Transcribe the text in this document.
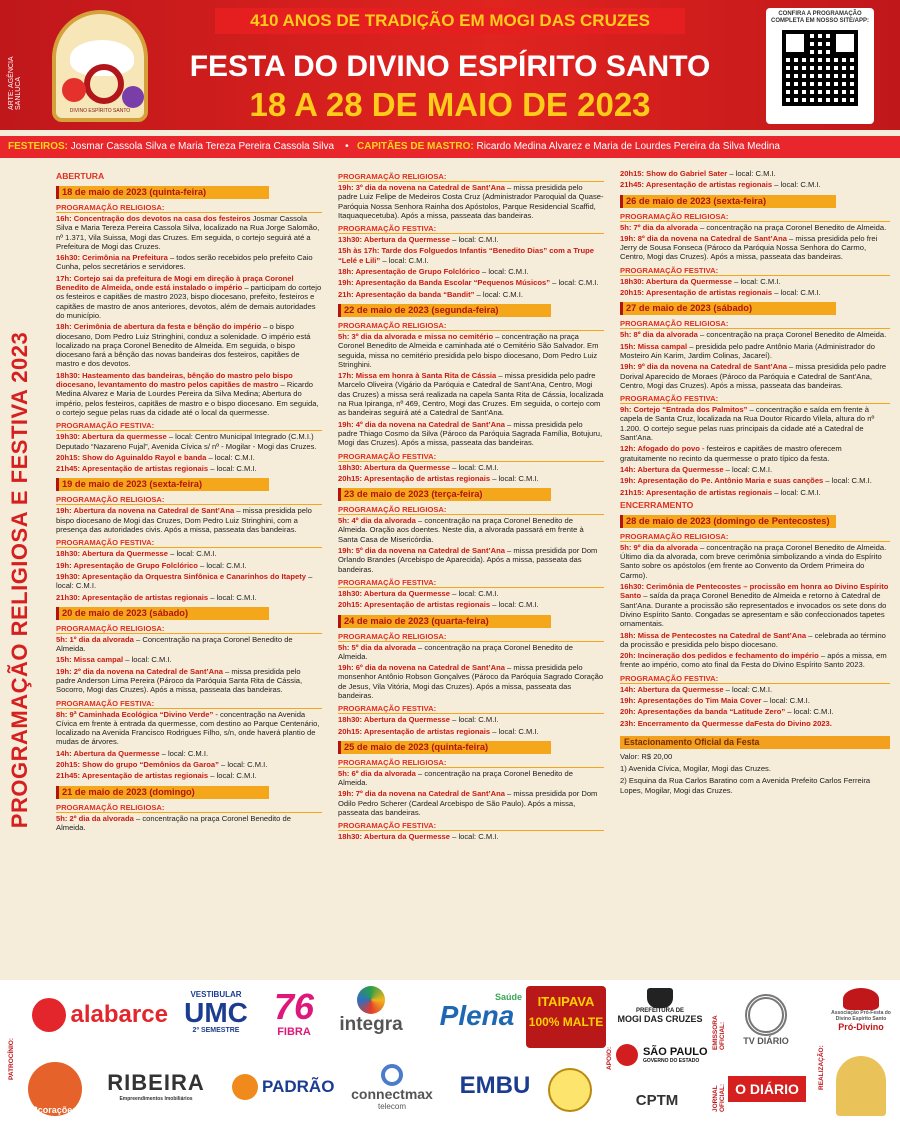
ARTE: AGÊNCIA SANLUCA
DIVINO ESPÍRITO SANTO
410 ANOS DE TRADIÇÃO EM MOGI DAS CRUZES
FESTA DO DIVINO ESPÍRITO SANTO
18 A 28 DE MAIO DE 2023
CONFIRA A PROGRAMAÇÃO COMPLETA EM NOSSO SITE/APP:
FESTEIROS: Josmar Cassola Silva e Maria Tereza Pereira Cassola Silva    •   CAPITÃES DE MASTRO: Ricardo Medina Alvarez e Maria de Lourdes Pereira da Silva Medina
PROGRAMAÇÃO RELIGIOSA E FESTIVA 2023
ABERTURA
18 de maio de 2023 (quinta-feira)
PROGRAMAÇÃO RELIGIOSA:
16h: Concentração dos devotos na casa dos festeiros Josmar Cassola Silva e Maria Tereza Pereira Cassola Silva, localizado na Rua Jorge Salomão, nº 1.371, Vila Suissa, Mogi das Cruzes. Em seguida, o cortejo seguirá até a Prefeitura de Mogi das Cruzes.
16h30: Cerimônia na Prefeitura – todos serão recebidos pelo prefeito Caio Cunha, pelos secretários e servidores.
17h: Cortejo sai da prefeitura de Mogi em direção à praça Coronel Benedito de Almeida, onde está instalado o império – participam do cortejo os festeiros e capitães de mastro 2023, bispo diocesano, prefeito, festeiros e capitães de mastro de anos anteriores, devotos, além de demais autoridades do município.
18h: Cerimônia de abertura da festa e bênção do império – o bispo diocesano, Dom Pedro Luiz Stringhini, conduz a solenidade. O império está localizado na praça Coronel Benedito de Almeida. Em seguida, o bispo diocesano fará a bênção das novas bandeiras dos festeiros, capitães de mastro e dos devotos.
18h30: Hasteamento das bandeiras, bênção do mastro pelo bispo diocesano, levantamento do mastro pelos capitães de mastro – Ricardo Medina Alvarez e Maria de Lourdes Pereira da Silva Medina; Abertura do império, pelos festeiros, capitães de mastro e o bispo diocesano. Em seguida, o cortejo segue pelas ruas da cidade até o local da quermesse.
PROGRAMAÇÃO FESTIVA:
19h30: Abertura da quermesse – local: Centro Municipal Integrado (C.M.I.) Deputado “Nazareno Fujal”, Avenida Cívica s/ nº - Mogilar - Mogi das Cruzes.
20h15: Show do Aguinaldo Rayol e banda – local: C.M.I.
21h45: Apresentação de artistas regionais – local: C.M.I.
19 de maio de 2023 (sexta-feira)
PROGRAMAÇÃO RELIGIOSA:
19h: Abertura da novena na Catedral de Sant’Ana – missa presidida pelo bispo diocesano de Mogi das Cruzes, Dom Pedro Luiz Stringhini, com a presença das autoridades civis. Após a missa, passeata das bandeiras.
PROGRAMAÇÃO FESTIVA:
18h30: Abertura da Quermesse – local: C.M.I.
19h: Apresentação de Grupo Folclórico – local: C.M.I.
19h30: Apresentação da Orquestra Sinfônica e Canarinhos do Itapety – local: C.M.I.
21h30: Apresentação de artistas regionais – local: C.M.I.
20 de maio de 2023 (sábado)
PROGRAMAÇÃO RELIGIOSA:
5h: 1º dia da alvorada – Concentração na praça Coronel Benedito de Almeida.
15h: Missa campal – local: C.M.I.
19h: 2º dia da novena na Catedral de Sant’Ana – missa presidida pelo padre Anderson Lima Pereira (Pároco da Paróquia Santa Rita de Cássia, Socorro, Mogi das Cruzes). Após a missa, passeata das bandeiras.
PROGRAMAÇÃO FESTIVA:
8h: 9ª Caminhada Ecológica “Divino Verde” - concentração na Avenida Cívica em frente à entrada da quermesse, com destino ao Parque Centenário, localizado na Avenida Francisco Rodrigues Filho, s/n, onde haverá plantio de mudas de árvores.
14h: Abertura da Quermesse – local: C.M.I.
20h15: Show do grupo “Demônios da Garoa” – local: C.M.I.
21h45: Apresentação de artistas regionais – local: C.M.I.
21 de maio de 2023 (domingo)
PROGRAMAÇÃO RELIGIOSA:
5h: 2º dia da alvorada – concentração na praça Coronel Benedito de Almeida.
PROGRAMAÇÃO RELIGIOSA:
19h: 3º dia da novena na Catedral de Sant’Ana – missa presidida pelo padre Luiz Felipe de Medeiros Costa Cruz (Administrador Paroquial da Quase-Paróquia Nossa Senhora Rainha dos Apóstolos, Parque Residencial Scaffid, Itaquaquecetuba). Após a missa, passeata das bandeiras.
PROGRAMAÇÃO FESTIVA:
13h30: Abertura da Quermesse – local: C.M.I.
15h às 17h: Tarde dos Folguedos Infantis “Benedito Dias” com a Trupe “Lelé e Lili” – local: C.M.I.
18h: Apresentação de Grupo Folclórico – local: C.M.I.
19h: Apresentação da Banda Escolar “Pequenos Músicos” – local: C.M.I.
21h: Apresentação da banda “Bandit” – local: C.M.I.
22 de maio de 2023 (segunda-feira)
PROGRAMAÇÃO RELIGIOSA:
5h: 3º dia da alvorada e missa no cemitério – concentração na praça Coronel Benedito de Almeida e caminhada até o Cemitério São Salvador. Em seguida, missa no cemitério presidida pelo bispo diocesano, Dom Pedro Luiz Stringhini.
17h: Missa em honra à Santa Rita de Cássia – missa presidida pelo padre Marcelo Oliveira (Vigário da Paróquia e Catedral de Sant’Ana, Centro, Mogi das Cruzes) a missa será realizada na capela Santa Rita de Cássia, localizada na Rua Ipiranga, nº 469, Centro, Mogi das Cruzes. Em seguida, o cortejo com as bandeiras seguirá até a Catedral de Sant’Ana.
19h: 4º dia da novena na Catedral de Sant’Ana – missa presidida pelo padre Thiago Cosmo da Silva (Pároco da Paróquia Sagrada Família, Botujuru, Mogi das Cruzes). Após a missa, passeata das bandeiras.
PROGRAMAÇÃO FESTIVA:
18h30: Abertura da Quermesse – local: C.M.I.
20h15: Apresentação de artistas regionais – local: C.M.I.
23 de maio de 2023 (terça-feira)
PROGRAMAÇÃO RELIGIOSA:
5h: 4º dia da alvorada – concentração na praça Coronel Benedito de Almeida. Oração aos doentes. Neste dia, a alvorada passará em frente à Santa Casa de Misericórdia.
19h: 5º dia da novena na Catedral de Sant’Ana – missa presidida por Dom Orlando Brandes (Arcebispo de Aparecida). Após a missa, passeata das bandeiras.
PROGRAMAÇÃO FESTIVA:
18h30: Abertura da Quermesse – local: C.M.I.
20h15: Apresentação de artistas regionais – local: C.M.I.
24 de maio de 2023 (quarta-feira)
PROGRAMAÇÃO RELIGIOSA:
5h: 5º dia da alvorada – concentração na praça Coronel Benedito de Almeida.
19h: 6º dia da novena na Catedral de Sant’Ana – missa presidida pelo monsenhor Antônio Robson Gonçalves (Pároco da Paróquia Sagrado Coração de Jesus, Vila Vitória, Mogi das Cruzes). Após a missa, passeata das bandeiras.
PROGRAMAÇÃO FESTIVA:
18h30: Abertura da Quermesse – local: C.M.I.
20h15: Apresentação de artistas regionais – local: C.M.I.
25 de maio de 2023 (quinta-feira)
PROGRAMAÇÃO RELIGIOSA:
5h: 6º dia da alvorada – concentração na praça Coronel Benedito de Almeida.
19h: 7º dia da novena na Catedral de Sant’Ana – missa presidida por Dom Odilo Pedro Scherer (Cardeal Arcebispo de São Paulo). Após a missa, passeata das bandeiras.
PROGRAMAÇÃO FESTIVA:
18h30: Abertura da Quermesse – local: C.M.I.
20h15: Show do Gabriel Sater – local: C.M.I.
21h45: Apresentação de artistas regionais – local: C.M.I.
26 de maio de 2023 (sexta-feira)
PROGRAMAÇÃO RELIGIOSA:
5h: 7º dia da alvorada – concentração na praça Coronel Benedito de Almeida.
19h: 8º dia da novena na Catedral de Sant’Ana – missa presidida pelo frei Jerry de Sousa Fonseca (Pároco da Paróquia Nossa Senhora do Carmo, Centro, Mogi das Cruzes). Após a missa, passeata das bandeiras.
PROGRAMAÇÃO FESTIVA:
18h30: Abertura da Quermesse – local: C.M.I.
20h15: Apresentação de artistas regionais – local: C.M.I.
27 de maio de 2023 (sábado)
PROGRAMAÇÃO RELIGIOSA:
5h: 8º dia da alvorada – concentração na praça Coronel Benedito de Almeida.
15h: Missa campal – presidida pelo padre Antônio Maria (Administrador do Mosteiro Ain Karim, Jardim Colinas, Jacareí).
19h: 9º dia da novena na Catedral de Sant’Ana – missa presidida pelo padre Dorival Aparecido de Moraes (Pároco da Paróquia e Catedral de Sant’Ana, Centro, Mogi das Cruzes). Após a missa, passeata das bandeiras.
PROGRAMAÇÃO FESTIVA:
9h: Cortejo “Entrada dos Palmitos” – concentração e saída em frente à capela de Santa Cruz, localizada na Rua Doutor Ricardo Vilela, altura do nº 1.200. O cortejo segue pelas ruas principais da cidade até a Catedral de Sant’Ana.
12h: Afogado do povo - festeiros e capitães de mastro oferecem gratuitamente no recinto da quermesse o prato típico da festa.
14h: Abertura da Quermesse – local: C.M.I.
19h: Apresentação do Pe. Antônio Maria e suas canções – local: C.M.I.
21h15: Apresentação de artistas regionais – local: C.M.I.
ENCERRAMENTO
28 de maio de 2023 (domingo de Pentecostes)
PROGRAMAÇÃO RELIGIOSA:
5h: 9º dia da alvorada – concentração na praça Coronel Benedito de Almeida. Último dia da alvorada, com breve cerimônia simbolizando a vinda do Espírito Santo sobre os apóstolos (em frente ao Convento da Ordem Primeira do Carmo).
16h30: Cerimônia de Pentecostes – procissão em honra ao Divino Espírito Santo – saída da praça Coronel Benedito de Almeida e retorno à Catedral de Sant’Ana. Durante a procissão são representados e invocados os sete dons do Divino Espírito Santo. Congadas se apresentam e são confeccionados tapetes ornamentais.
18h: Missa de Pentecostes na Catedral de Sant’Ana – celebrada ao término da procissão e presidida pelo bispo diocesano.
20h: Incineração dos pedidos e fechamento do império – após a missa, em frente ao império, como ato final da Festa do Divino Espírito Santo 2023.
PROGRAMAÇÃO FESTIVA:
14h: Abertura da Quermesse – local: C.M.I.
19h: Apresentações do Tim Maia Cover – local: C.M.I.
20h: Apresentações da banda “Latitude Zero” – local: C.M.I.
23h: Encerramento da Quermesse daFesta do Divino 2023.
Estacionamento Oficial da Festa
Valor: R$ 20,00
1) Avenida Cívica, Mogilar, Mogi das Cruzes.
2) Esquina da Rua Carlos Baratino com a Avenida Prefeito Carlos Ferreira Lopes, Mogilar, Mogi das Cruzes.
PATROCÍNIO:
alabarce
VESTIBULAR
UMC
2º SEMESTRE
76
FIBRA	integra
Saúde
Plena	ITAIPAVA
100% MALTE
PREFEITURA DE
MOGI DAS CRUZES
APOIO:
EMISSORA OFICIAL:	TV DIÁRIO
REALIZAÇÃO:
Associação Pró-Festa do Divino Espírito Santo
Pró-Divino
3corações
RIBEIRA
Empreendimentos Imobiliários
PADRÃO	connectmax
telecom
EMBU

SÃO PAULO
GOVERNO DO ESTADO
CPTM	JORNAL OFICIAL: O DIÁRIO
